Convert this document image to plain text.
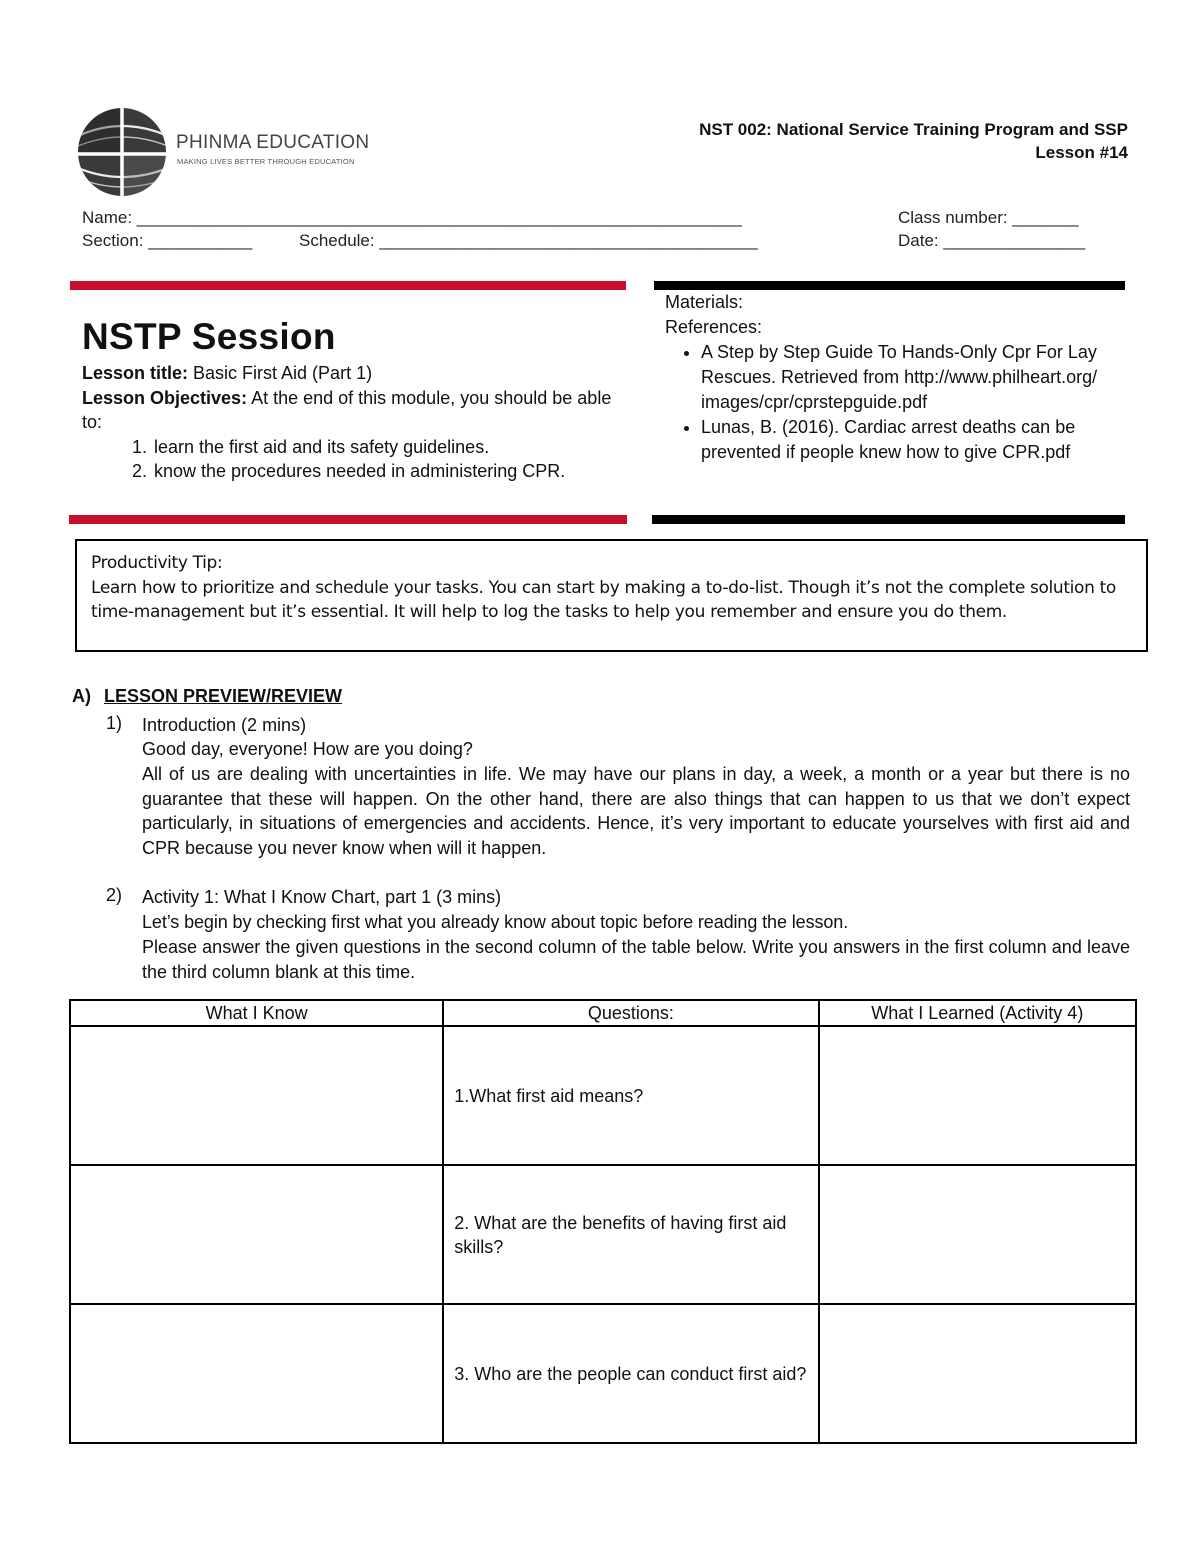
PHINMA EDUCATION
MAKING LIVES BETTER THROUGH EDUCATION
NST 002: National Service Training Program and SSP
Lesson #14
Name: ________________________________________________________________	Class number: _______
Section: ___________	Schedule: ________________________________________	Date: _______________
NSTP Session
Lesson title: Basic First Aid (Part 1)
Lesson Objectives: At the end of this module, you should be able to:
1. learn the first aid and its safety guidelines.
2. know the procedures needed in administering CPR.
Materials:
References:
• A Step by Step Guide To Hands-Only Cpr For Lay Rescues. Retrieved from http://www.philheart.org/images/cpr/cprstepguide.pdf
• Lunas, B. (2016). Cardiac arrest deaths can be prevented if people knew how to give CPR.pdf
Productivity Tip:
Learn how to prioritize and schedule your tasks. You can start by making a to-do-list. Though it’s not the complete solution to time-management but it’s essential. It will help to log the tasks to help you remember and ensure you do them.
A) LESSON PREVIEW/REVIEW
1) Introduction (2 mins)
Good day, everyone! How are you doing?
All of us are dealing with uncertainties in life. We may have our plans in day, a week, a month or a year but there is no guarantee that these will happen. On the other hand, there are also things that can happen to us that we don’t expect particularly, in situations of emergencies and accidents. Hence, it’s very important to educate yourselves with first aid and CPR because you never know when will it happen.
2) Activity 1: What I Know Chart, part 1 (3 mins)
Let’s begin by checking first what you already know about topic before reading the lesson.
Please answer the given questions in the second column of the table below. Write you answers in the first column and leave the third column blank at this time.
What I Know	Questions:	What I Learned (Activity 4)
	1.What first aid means?	
	2. What are the benefits of having first aid skills?	
	3. Who are the people can conduct first aid?	
